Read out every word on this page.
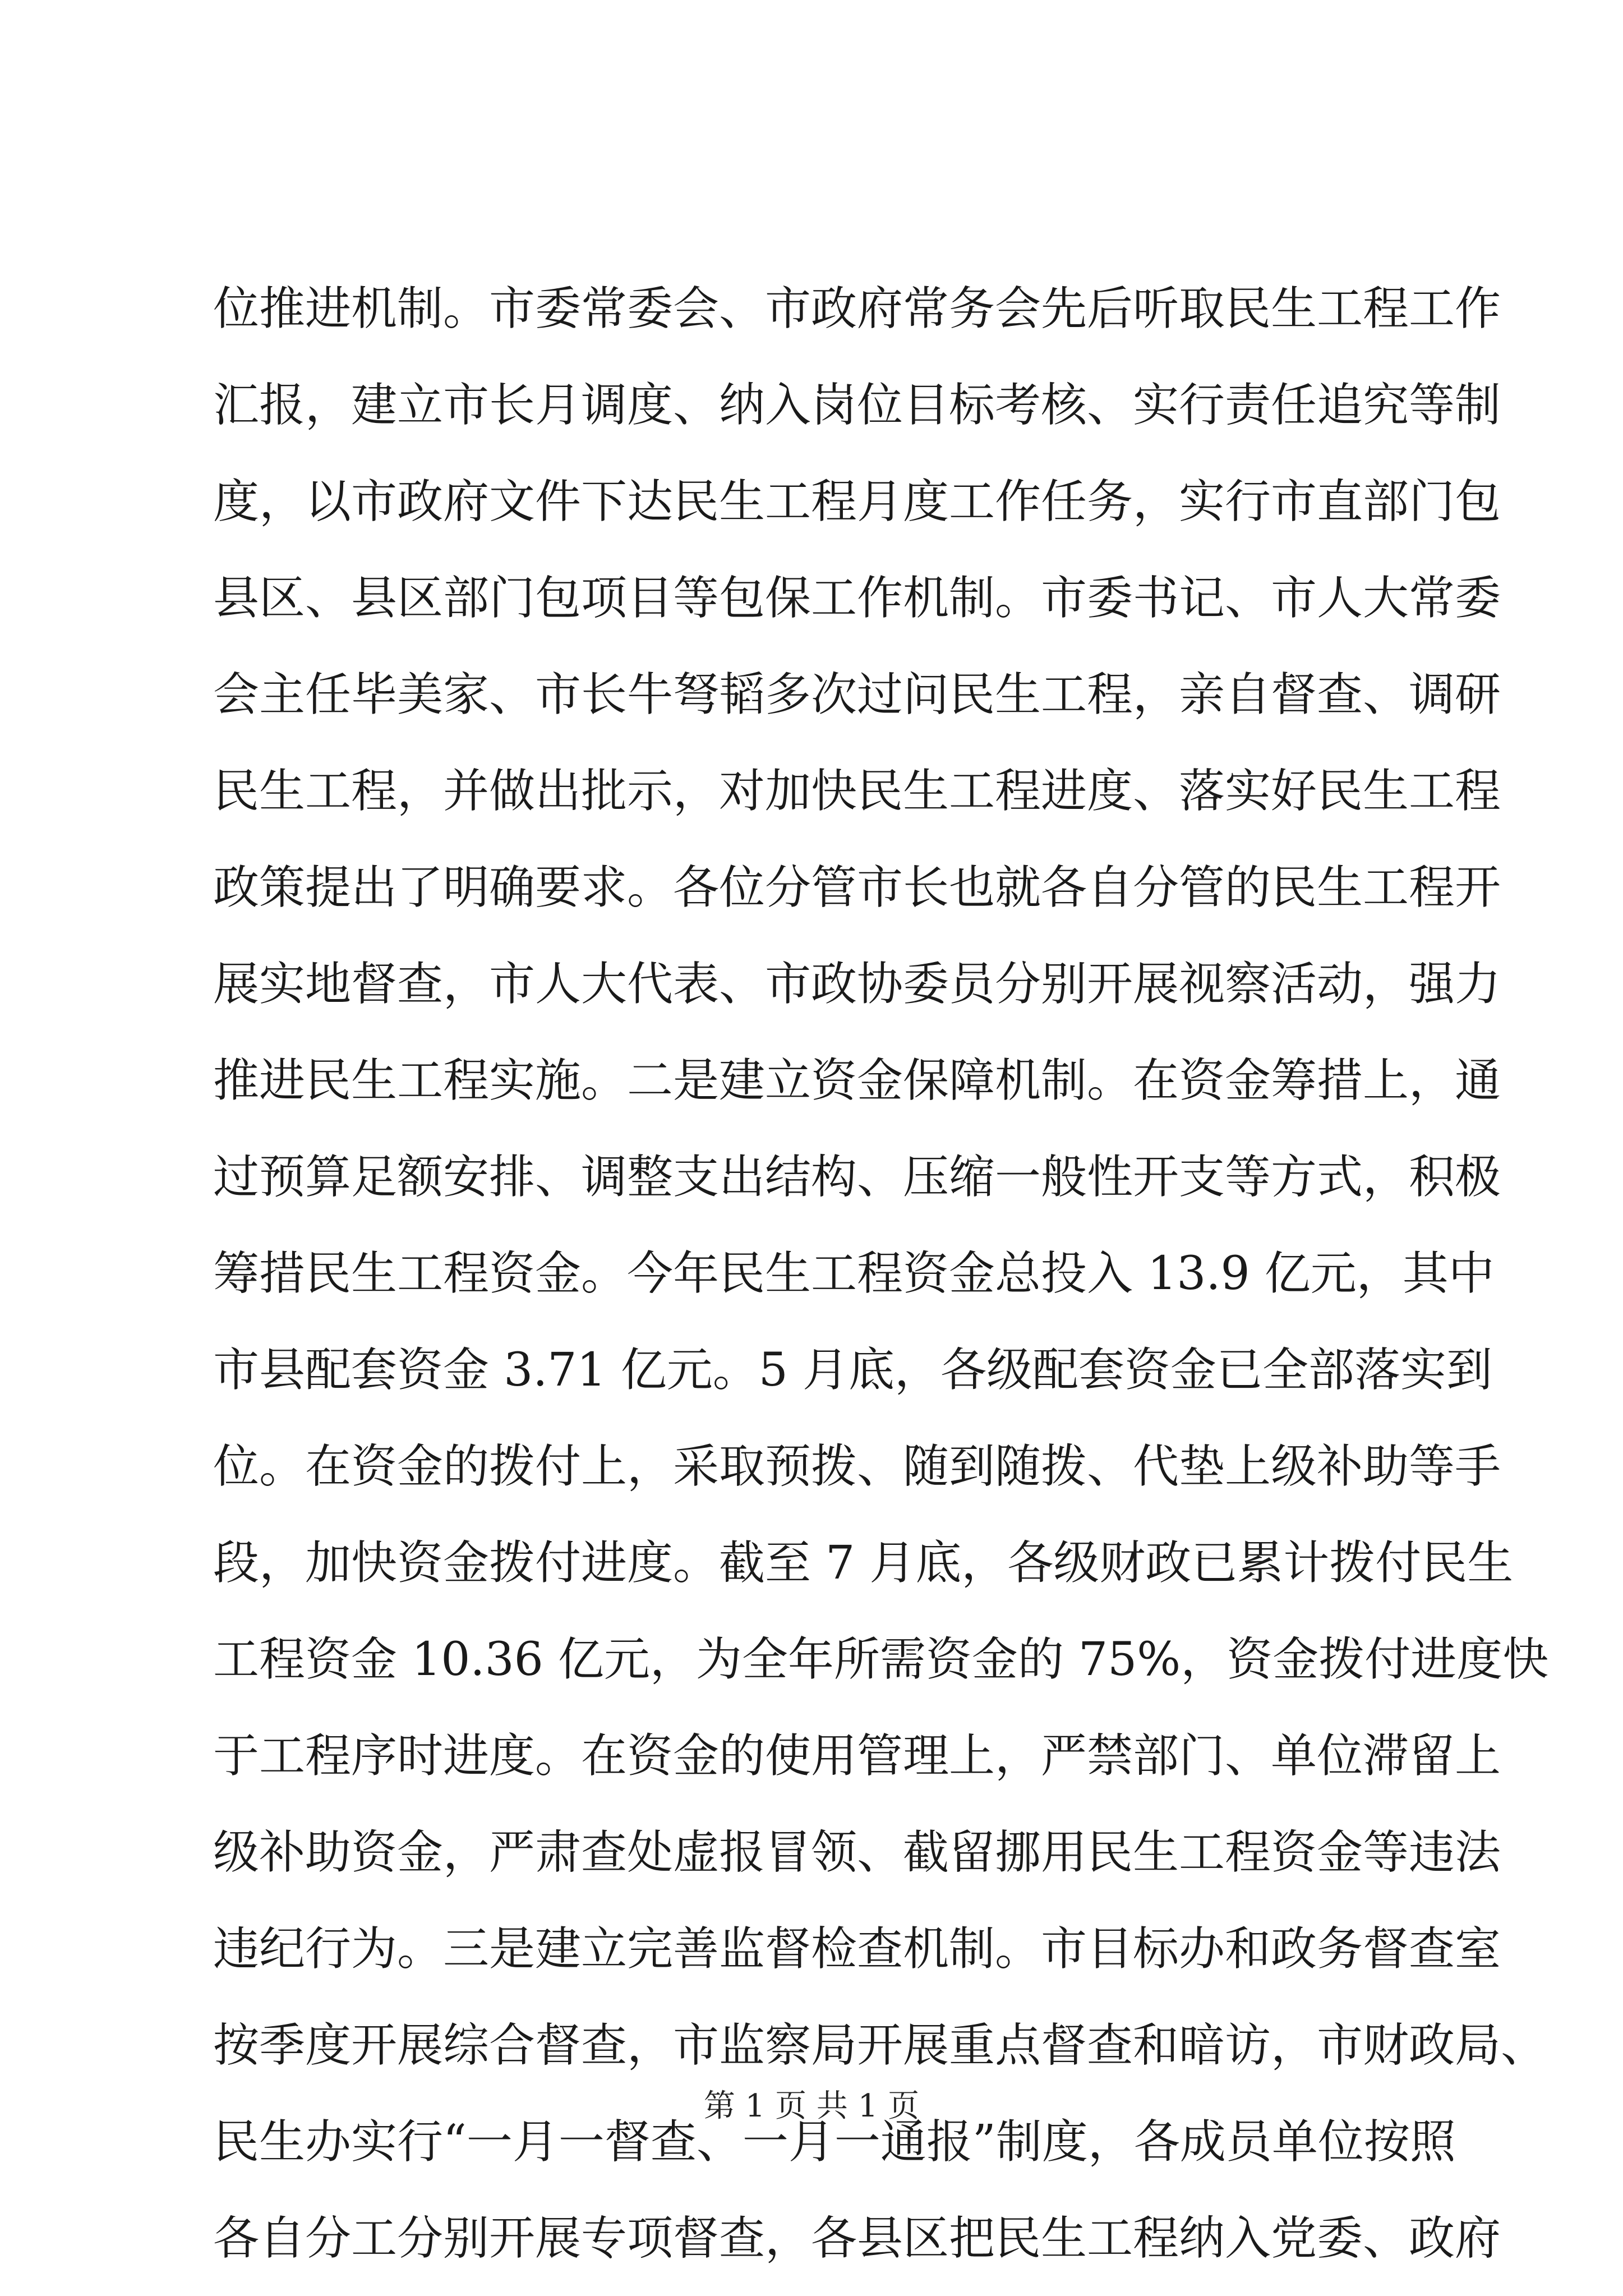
位推进机制。市委常委会、市政府常务会先后听取民生工程工作
汇报，建立市长月调度、纳入岗位目标考核、实行责任追究等制
度，以市政府文件下达民生工程月度工作任务，实行市直部门包
县区、县区部门包项目等包保工作机制。市委书记、市人大常委
会主任毕美家、市长牛弩韬多次过问民生工程，亲自督查、调研
民生工程，并做出批示，对加快民生工程进度、落实好民生工程
政策提出了明确要求。各位分管市长也就各自分管的民生工程开
展实地督查，市人大代表、市政协委员分别开展视察活动，强力
推进民生工程实施。二是建立资金保障机制。在资金筹措上，通
过预算足额安排、调整支出结构、压缩一般性开支等方式，积极
筹措民生工程资金。今年民生工程资金总投入 13.9 亿元，其中
市县配套资金 3.71 亿元。5 月底，各级配套资金已全部落实到
位。在资金的拨付上，采取预拨、随到随拨、代垫上级补助等手
段，加快资金拨付进度。截至 7 月底，各级财政已累计拨付民生
工程资金 10.36 亿元，为全年所需资金的 75%，资金拨付进度快
于工程序时进度。在资金的使用管理上，严禁部门、单位滞留上
级补助资金，严肃查处虚报冒领、截留挪用民生工程资金等违法
违纪行为。三是建立完善监督检查机制。市目标办和政务督查室
按季度开展综合督查，市监察局开展重点督查和暗访，市财政局、
民生办实行“一月一督查、一月一通报”制度，各成员单位按照
各自分工分别开展专项督查，各县区把民生工程纳入党委、政府
第 1 页 共 1 页
